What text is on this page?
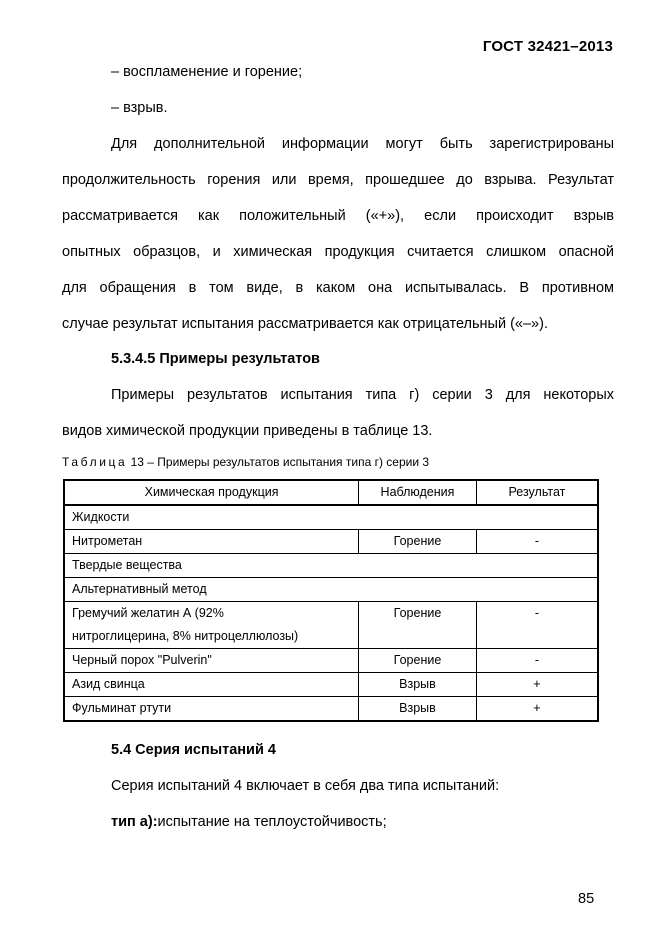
ГОСТ 32421–2013
– воспламенение и горение;
– взрыв.
Для дополнительной информации могут быть зарегистрированы
продолжительность горения или время, прошедшее до взрыва. Результат
рассматривается как положительный («+»), если происходит взрыв
опытных образцов, и химическая продукция считается слишком опасной
для обращения в том виде, в каком она испытывалась. В противном
случае результат испытания рассматривается как отрицательный («–»).
5.3.4.5 Примеры результатов
Примеры результатов испытания типа г) серии 3 для некоторых
видов химической продукции приведены в таблице 13.
Таблица 13 – Примеры результатов испытания типа г) серии 3
Химическая продукция	Наблюдения	Результат
Жидкости		
Нитрометан	Горение	-
Твердые вещества		
Альтернативный метод		

Гремучий желатин А (92%
нитроглицерина, 8% нитроцеллюлозы)	Горение	-
Черный порох "Pulverin"	Горение	-
Азид свинца	Взрыв	+
Фульминат ртути	Взрыв	+
5.4 Серия испытаний 4
Серия испытаний 4 включает в себя два типа испытаний:
тип а):испытание на теплоустойчивость;
85
